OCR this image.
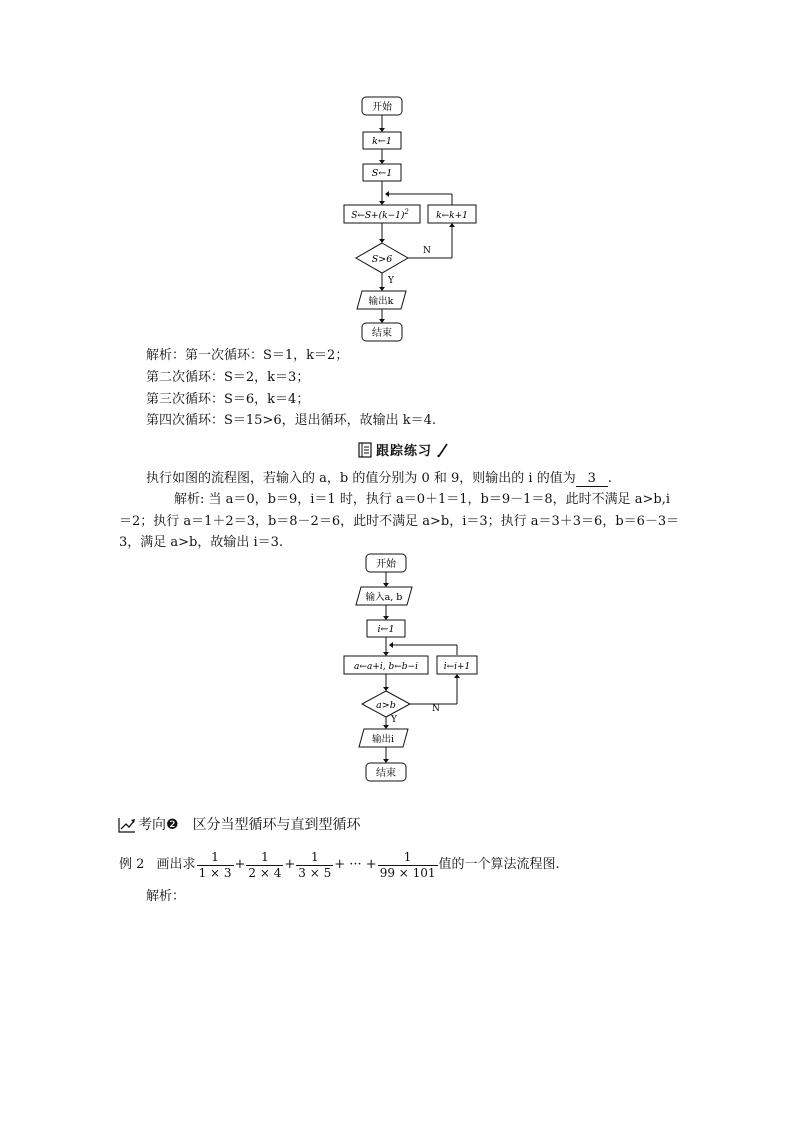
开始
k←1
S←1
$S\leftarrow S+(k-1)^2$	k←k+1
S>6
N
Y
输出k
结束
解析：第一次循环：S＝1，k＝2；
第二次循环：S＝2，k＝3；
第三次循环：S＝6，k＝4；
第四次循环：S＝15>6，退出循环，故输出 k＝4.
跟踪练习
执行如图的流程图，若输入的 a，b 的值分别为 0 和 9，则输出的 i 的值为 3 .
解析: 当 a＝0，b＝9，i＝1 时，执行 a＝0＋1＝1，b＝9－1＝8，此时不满足 a>b,i
＝2；执行 a＝1＋2＝3，b＝8－2＝6，此时不满足 a>b，i＝3；执行 a＝3＋3＝6，b＝6－3＝
3，满足 a>b，故输出 i＝3.
开始
输入a, b
i←1
a←a+i, b←b−i	i←i+1
a>b	N
Y
输出i
结束
考向 ❷ 区分当型循环与直到型循环
例 2 画出求 $\frac{1}{1 \times 3} + \frac{1}{2 \times 4} + \frac{1}{3 \times 5}$ + ··· + $\frac{1}{99 \times 101}$ 值的一个算法流程图.
解析：
